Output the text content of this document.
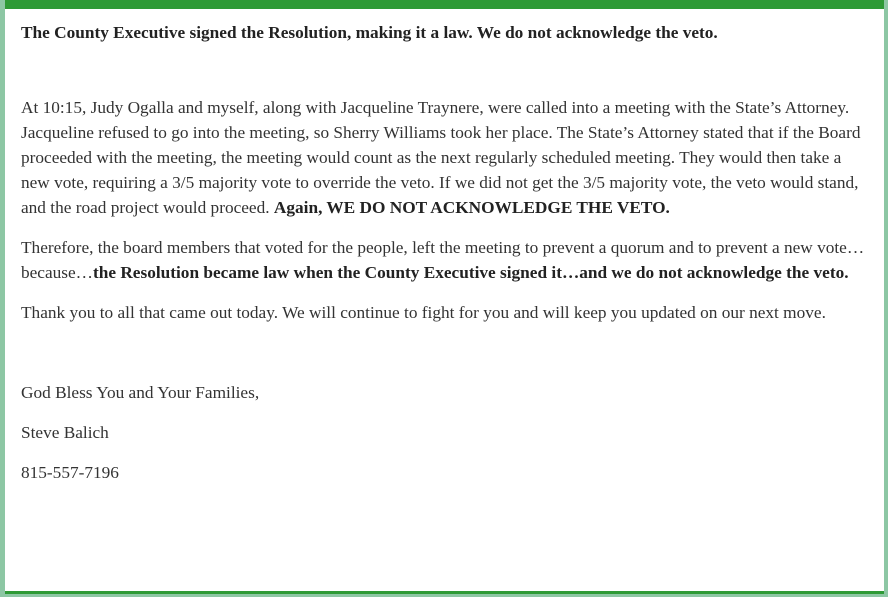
The County Executive signed the Resolution, making it a law. We do not acknowledge the veto.

At 10:15, Judy Ogalla and myself, along with Jacqueline Traynere, were called into a meeting with the State’s Attorney. Jacqueline refused to go into the meeting, so Sherry Williams took her place. The State’s Attorney stated that if the Board proceeded with the meeting, the meeting would count as the next regularly scheduled meeting. They would then take a new vote, requiring a 3/5 majority vote to override the veto. If we did not get the 3/5 majority vote, the veto would stand, and the road project would proceed. Again, WE DO NOT ACKNOWLEDGE THE VETO.

Therefore, the board members that voted for the people, left the meeting to prevent a quorum and to prevent a new vote…because…the Resolution became law when the County Executive signed it…and we do not acknowledge the veto.

Thank you to all that came out today. We will continue to fight for you and will keep you updated on our next move.

God Bless You and Your Families,

Steve Balich

815-557-7196
